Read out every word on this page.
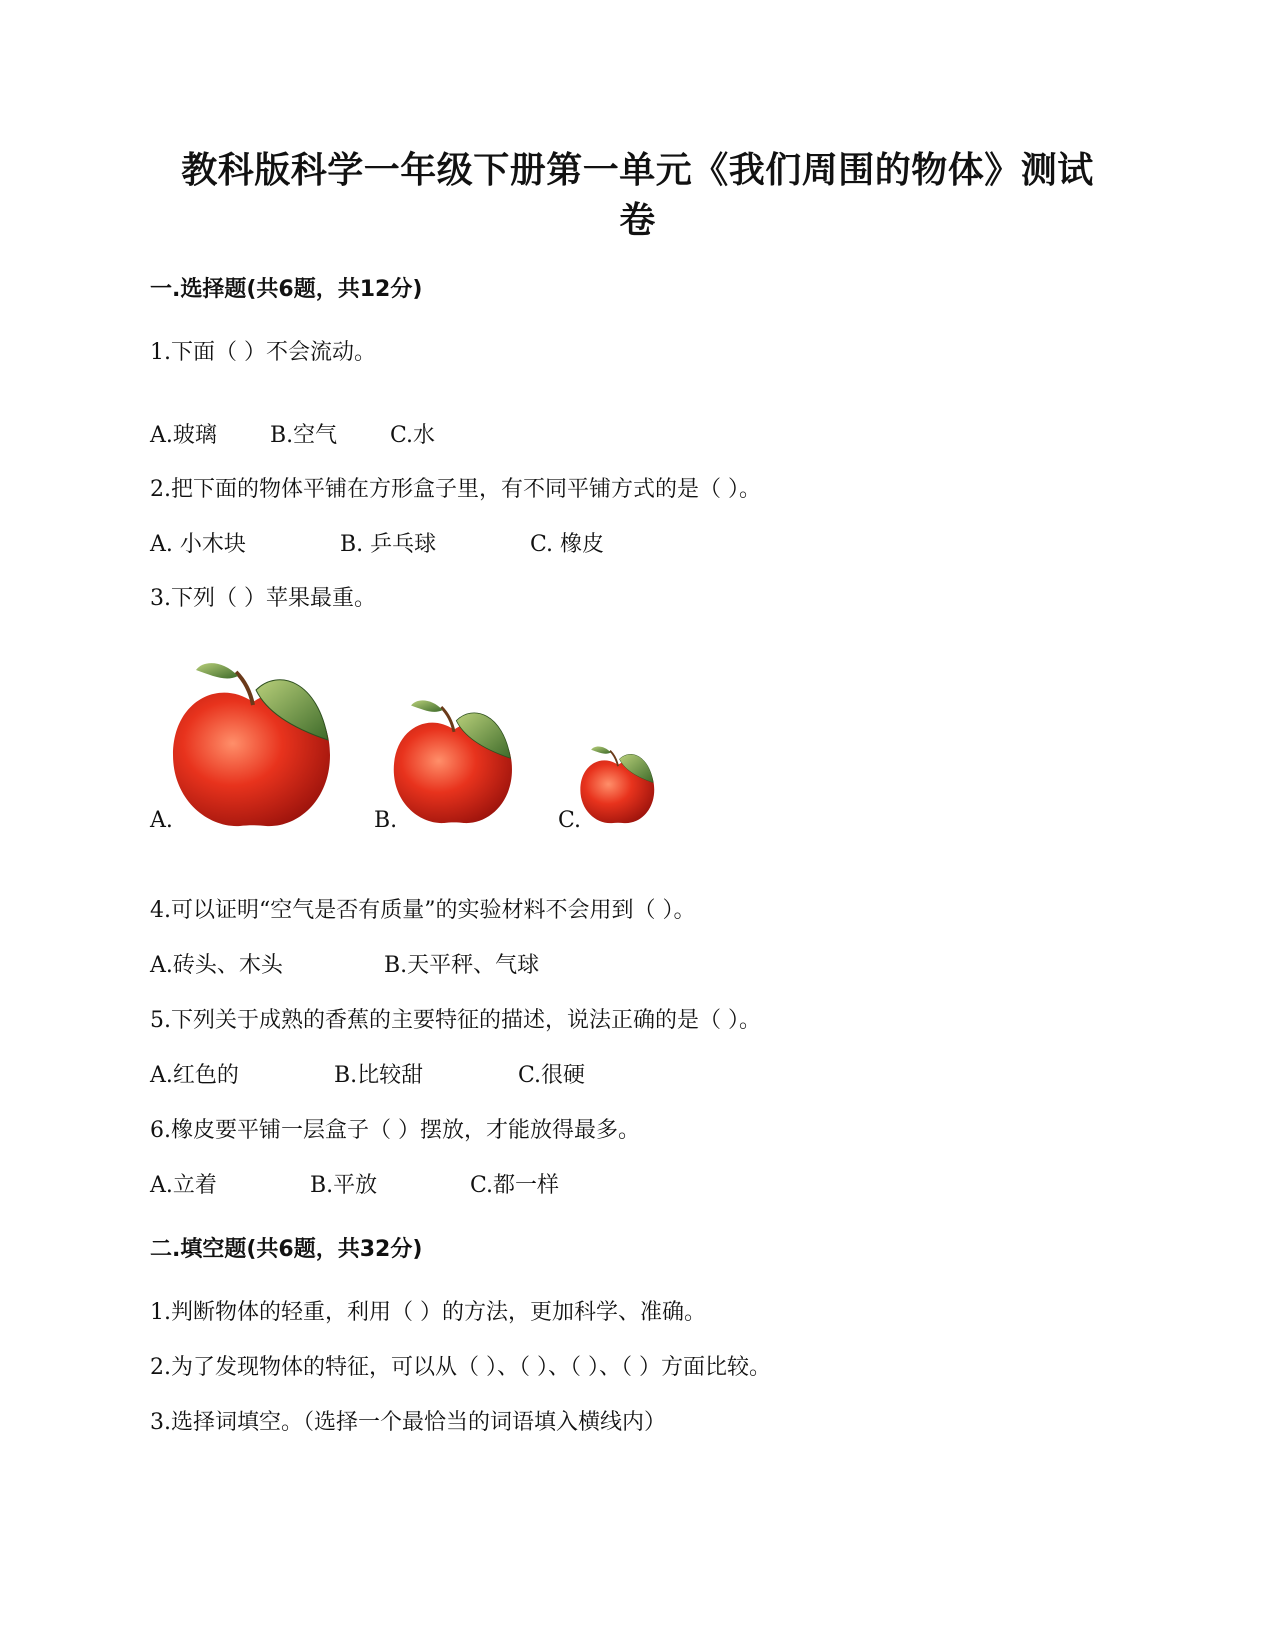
教科版科学一年级下册第一单元《我们周围的物体》测试
卷
一.选择题(共6题，共12分)
1.下面（ ）不会流动。
A.玻璃 B.空气 C.水
2.把下面的物体平铺在方形盒子里，有不同平铺方式的是（ ）。
A. 小木块	B. 乒乓球	C. 橡皮
3.下列（ ）苹果最重。
A.	B.	C.
4.可以证明“空气是否有质量”的实验材料不会用到（ ）。
A.砖头、木头	B.天平秤、气球
5.下列关于成熟的香蕉的主要特征的描述，说法正确的是（ ）。
A.红色的	B.比较甜	C.很硬
6.橡皮要平铺一层盒子（ ）摆放，才能放得最多。
A.立着	B.平放	C.都一样
二.填空题(共6题，共32分)
1.判断物体的轻重，利用（ ）的方法，更加科学、准确。
2.为了发现物体的特征，可以从（ ）、（ ）、（ ）、（ ）方面比较。
3.选择词填空。（选择一个最恰当的词语填入横线内）
